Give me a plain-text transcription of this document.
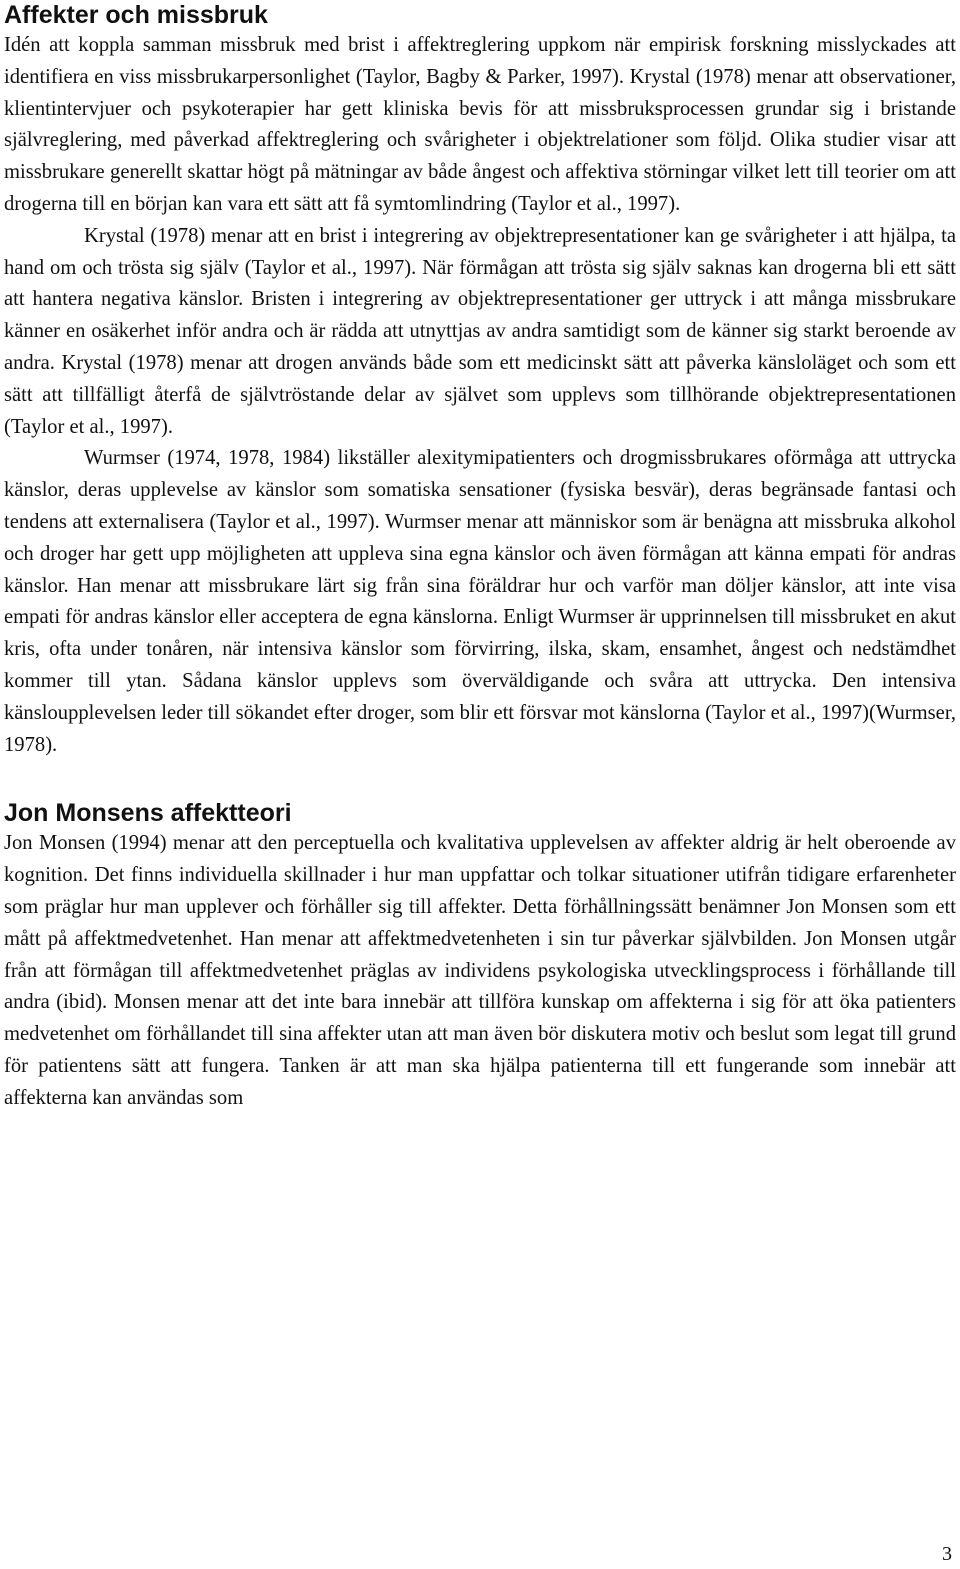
Affekter och missbruk

Idén att koppla samman missbruk med brist i affektreglering uppkom när empirisk forskning misslyckades att identifiera en viss missbrukarpersonlighet (Taylor, Bagby & Parker, 1997). Krystal (1978) menar att observationer, klientintervjuer och psykoterapier har gett kliniska bevis för att missbruksprocessen grundar sig i bristande självreglering, med påverkad affektreglering och svårigheter i objektrelationer som följd. Olika studier visar att missbrukare generellt skattar högt på mätningar av både ångest och affektiva störningar vilket lett till teorier om att drogerna till en början kan vara ett sätt att få symtomlindring (Taylor et al., 1997).

Krystal (1978) menar att en brist i integrering av objektrepresentationer kan ge svårigheter i att hjälpa, ta hand om och trösta sig själv (Taylor et al., 1997). När förmågan att trösta sig själv saknas kan drogerna bli ett sätt att hantera negativa känslor. Bristen i integrering av objektrepresentationer ger uttryck i att många missbrukare känner en osäkerhet inför andra och är rädda att utnyttjas av andra samtidigt som de känner sig starkt beroende av andra. Krystal (1978) menar att drogen används både som ett medicinskt sätt att påverka känsloläget och som ett sätt att tillfälligt återfå de självtröstande delar av självet som upplevs som tillhörande objektrepresentationen (Taylor et al., 1997).

Wurmser (1974, 1978, 1984) likställer alexitymipatienters och drogmissbrukares oförmåga att uttrycka känslor, deras upplevelse av känslor som somatiska sensationer (fysiska besvär), deras begränsade fantasi och tendens att externalisera (Taylor et al., 1997). Wurmser menar att människor som är benägna att missbruka alkohol och droger har gett upp möjligheten att uppleva sina egna känslor och även förmågan att känna empati för andras känslor. Han menar att missbrukare lärt sig från sina föräldrar hur och varför man döljer känslor, att inte visa empati för andras känslor eller acceptera de egna känslorna. Enligt Wurmser är upprinnelsen till missbruket en akut kris, ofta under tonåren, när intensiva känslor som förvirring, ilska, skam, ensamhet, ångest och nedstämdhet kommer till ytan. Sådana känslor upplevs som överväldigande och svåra att uttrycka. Den intensiva känsloupplevelsen leder till sökandet efter droger, som blir ett försvar mot känslorna (Taylor et al., 1997)(Wurmser, 1978).

Jon Monsens affektteori

Jon Monsen (1994) menar att den perceptuella och kvalitativa upplevelsen av affekter aldrig är helt oberoende av kognition. Det finns individuella skillnader i hur man uppfattar och tolkar situationer utifrån tidigare erfarenheter som präglar hur man upplever och förhåller sig till affekter. Detta förhållningssätt benämner Jon Monsen som ett mått på affektmedvetenhet. Han menar att affektmedvetenheten i sin tur påverkar självbilden. Jon Monsen utgår från att förmågan till affektmedvetenhet präglas av individens psykologiska utvecklingsprocess i förhållande till andra (ibid). Monsen menar att det inte bara innebär att tillföra kunskap om affekterna i sig för att öka patienters medvetenhet om förhållandet till sina affekter utan att man även bör diskutera motiv och beslut som legat till grund för patientens sätt att fungera. Tanken är att man ska hjälpa patienterna till ett fungerande som innebär att affekterna kan användas som

3
